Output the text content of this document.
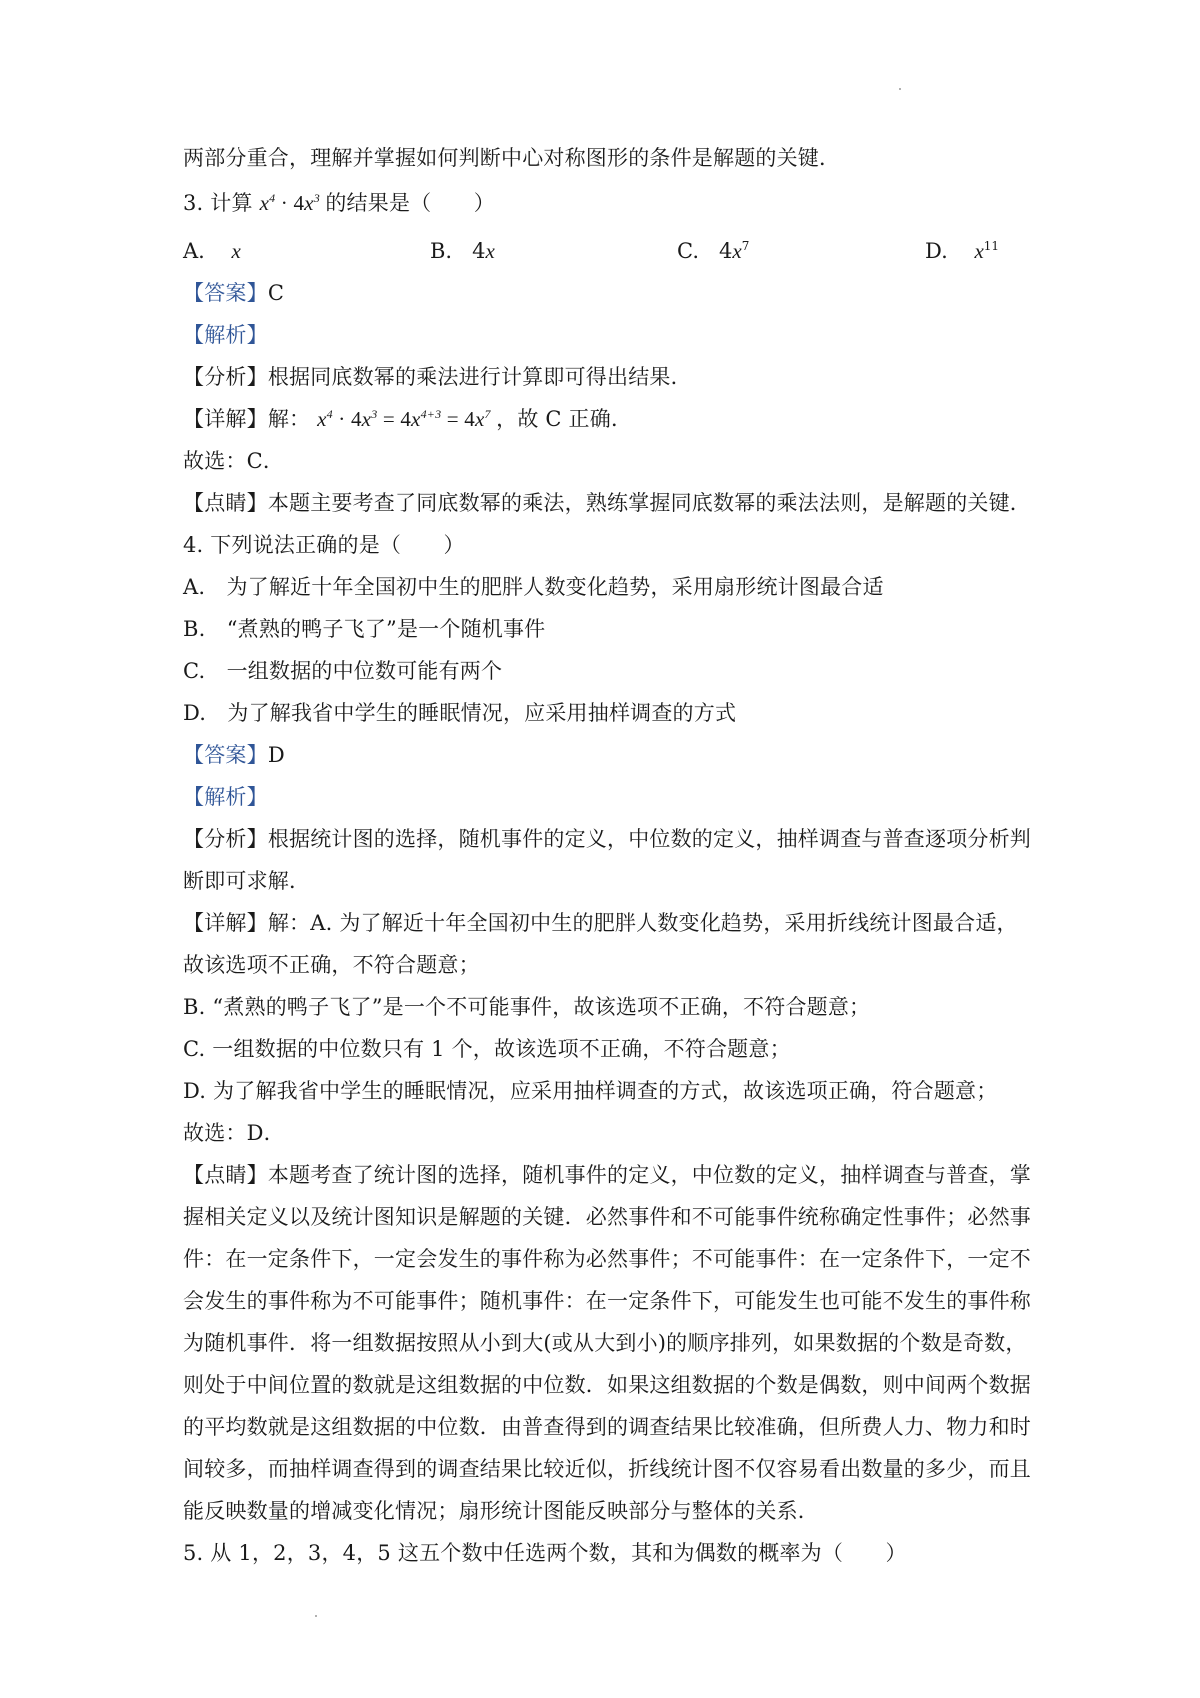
两部分重合，理解并掌握如何判断中心对称图形的条件是解题的关键．
3. 计算 $x^4 \cdot 4x^3$ 的结果是（　　）
A. x	B. 4x	C. $4x^7$	D. $x^{11}$
【答案】C
【解析】
【分析】根据同底数幂的乘法进行计算即可得出结果．
【详解】解： $x^4 \cdot 4x^3 = 4x^{4+3} = 4x^7$ ，故 C 正确．
故选：C．
【点睛】本题主要考查了同底数幂的乘法，熟练掌握同底数幂的乘法法则，是解题的关键．
4. 下列说法正确的是（　　）
A.　为了解近十年全国初中生的肥胖人数变化趋势，采用扇形统计图最合适
B.　“煮熟的鸭子飞了”是一个随机事件
C.　一组数据的中位数可能有两个
D.　为了解我省中学生的睡眠情况，应采用抽样调查的方式
【答案】D
【解析】
【分析】根据统计图的选择，随机事件的定义，中位数的定义，抽样调查与普查逐项分析判
断即可求解．
【详解】解：A. 为了解近十年全国初中生的肥胖人数变化趋势，采用折线统计图最合适，
故该选项不正确，不符合题意；
B. “煮熟的鸭子飞了”是一个不可能事件，故该选项不正确，不符合题意；
C. 一组数据的中位数只有 1 个，故该选项不正确，不符合题意；
D. 为了解我省中学生的睡眠情况，应采用抽样调查的方式，故该选项正确，符合题意；
故选：D．
【点睛】本题考查了统计图的选择，随机事件的定义，中位数的定义，抽样调查与普查，掌
握相关定义以及统计图知识是解题的关键．必然事件和不可能事件统称确定性事件；必然事
件：在一定条件下，一定会发生的事件称为必然事件；不可能事件：在一定条件下，一定不
会发生的事件称为不可能事件；随机事件：在一定条件下，可能发生也可能不发生的事件称
为随机事件．将一组数据按照从小到大(或从大到小)的顺序排列，如果数据的个数是奇数，
则处于中间位置的数就是这组数据的中位数．如果这组数据的个数是偶数，则中间两个数据
的平均数就是这组数据的中位数．由普查得到的调查结果比较准确，但所费人力、物力和时
间较多，而抽样调查得到的调查结果比较近似，折线统计图不仅容易看出数量的多少，而且
能反映数量的增减变化情况；扇形统计图能反映部分与整体的关系．
5. 从 1，2，3，4，5 这五个数中任选两个数，其和为偶数的概率为（　　）
